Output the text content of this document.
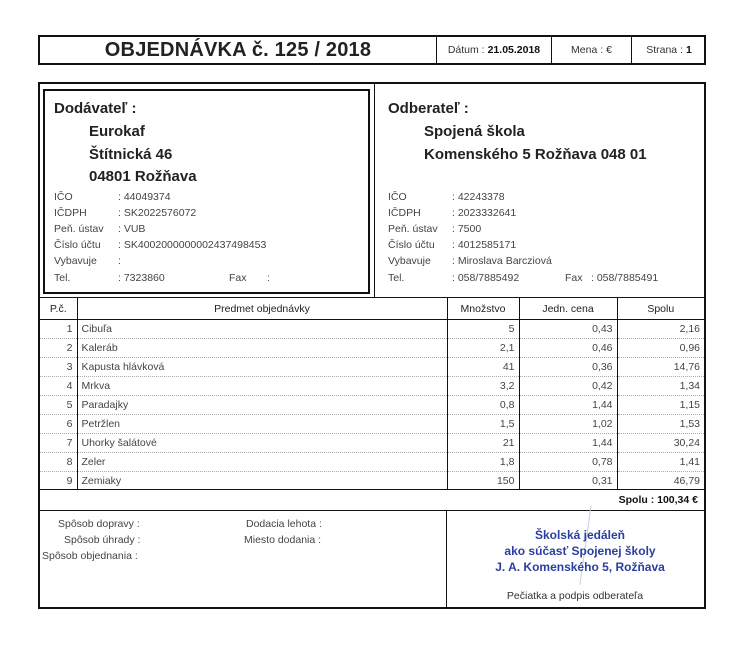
OBJEDNÁVKA č. 125 / 2018	Dátum : 21.05.2018	Mena : €	Strana : 1
Dodávateľ :
Eurokaf
Štítnická 46
04801 Rožňava
IČO	: 44049374
IČDPH	: SK2022576072
Peň. ústav : VUB
Číslo účtu : SK4002000000002437498453
Vybavuje :
Tel.	: 7323860	Fax :
Odberateľ :
Spojená škola
Komenského 5 Rožňava 048 01
IČO	: 42243378
IČDPH	: 2023332641
Peň. ústav : 7500
Číslo účtu : 4012585171
Vybavuje : Miroslava Barcziová
Tel.	: 058/7885492	Fax : 058/7885491
P.č.	Predmet objednávky	Množstvo	Jedn. cena	Spolu
1	Cibuľa	5	0,43	2,16
2	Kaleráb	2,1	0,46	0,96
3	Kapusta hlávková	41	0,36	14,76
4	Mrkva	3,2	0,42	1,34
5	Paradajky	0,8	1,44	1,15
6	Petržlen	1,5	1,02	1,53
7	Uhorky šalátové	21	1,44	30,24
8	Zeler	1,8	0,78	1,41
9	Zemiaky	150	0,31	46,79
Spolu : 100,34 €
Spôsob dopravy :
Spôsob úhrady :
Spôsob objednania :
Dodacia lehota :
Miesto dodania :	Školská jedáleň
ako súčasť Spojenej školy
J. A. Komenského 5, Rožňava
Pečiatka a podpis odberateľa
